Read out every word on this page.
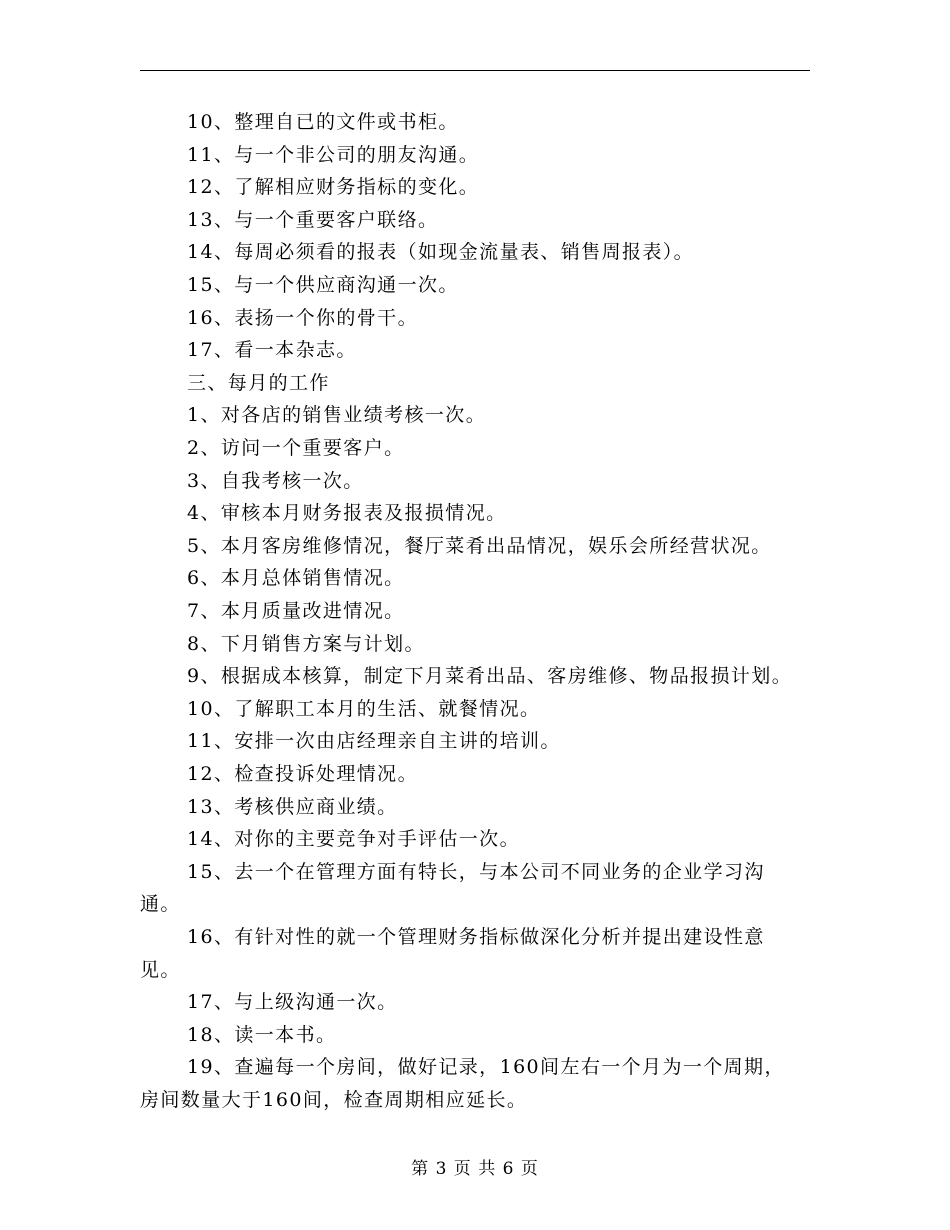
10、整理自已的文件或书柜。
11、与一个非公司的朋友沟通。
12、了解相应财务指标的变化。
13、与一个重要客户联络。
14、每周必须看的报表（如现金流量表、销售周报表）。
15、与一个供应商沟通一次。
16、表扬一个你的骨干。
17、看一本杂志。
三、每月的工作
1、对各店的销售业绩考核一次。
2、访问一个重要客户。
3、自我考核一次。
4、审核本月财务报表及报损情况。
5、本月客房维修情况，餐厅菜肴出品情况，娱乐会所经营状况。
6、本月总体销售情况。
7、本月质量改进情况。
8、下月销售方案与计划。
9、根据成本核算，制定下月菜肴出品、客房维修、物品报损计划。
10、了解职工本月的生活、就餐情况。
11、安排一次由店经理亲自主讲的培训。
12、检查投诉处理情况。
13、考核供应商业绩。
14、对你的主要竞争对手评估一次。
15、去一个在管理方面有特长，与本公司不同业务的企业学习沟
通。
16、有针对性的就一个管理财务指标做深化分析并提出建设性意
见。
17、与上级沟通一次。
18、读一本书。
19、查遍每一个房间，做好记录，160间左右一个月为一个周期，
房间数量大于160间，检查周期相应延长。
第 3 页 共 6 页
